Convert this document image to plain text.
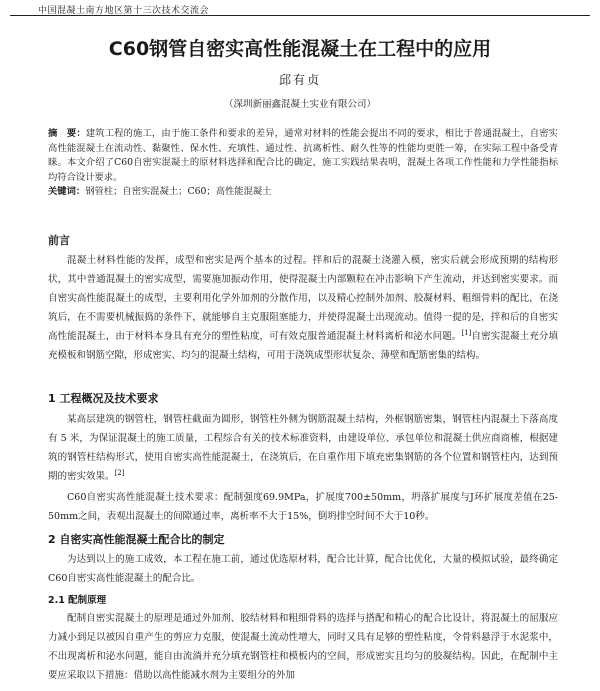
中国混凝土南方地区第十三次技术交流会
C60钢管自密实高性能混凝土在工程中的应用
邱有贞
（深圳新丽鑫混凝土实业有限公司）

摘　要：建筑工程的施工，由于施工条件和要求的差异，通常对材料的性能会提出不同的要求，相比于普通混凝土，自密实高性能混凝土在流动性、黏聚性、保水性、充填性、通过性、抗离析性、耐久性等的性能均更胜一筹，在实际工程中备受青睐。本文介绍了C60自密实混凝土的原材料选择和配合比的确定，施工实践结果表明，混凝土各项工作性能和力学性能指标均符合设计要求。

关键词：钢管柱；自密实混凝土；C60；高性能混凝土

前言

混凝土材料性能的发挥，成型和密实是两个基本的过程。拌和后的混凝土浇灌入模，密实后就会形成预期的结构形状，其中普通混凝土的密实成型，需要施加振动作用，使得混凝土内部颗粒在冲击影响下产生流动，并达到密实要求。而自密实高性能混凝土的成型，主要利用化学外加剂的分散作用，以及精心控制外加剂、胶凝材料、粗细骨料的配比，在浇筑后，在不需要机械振捣的条件下，就能够自主克服阻塞能力，并使得混凝土出现流动。值得一提的是，拌和后的自密实高性能混凝土，由于材料本身具有充分的塑性粘度，可有效克服普通混凝土材料离析和泌水问题。[1]自密实混凝土充分填充模板和钢筋空隙，形成密实、均匀的混凝土结构，可用于浇筑成型形状复杂、薄壁和配筋密集的结构。

1 工程概况及技术要求

某高层建筑的钢管柱，钢管柱截面为圆形，钢管柱外侧为钢筋混凝土结构，外框钢筋密集，钢管柱内混凝土下落高度有 5 米，为保证混凝土的施工质量，工程综合有关的技术标准资料，由建设单位、承包单位和混凝土供应商商榷，根据建筑的钢管柱结构形式，使用自密实高性能混凝土，在浇筑后，在自重作用下填充密集钢筋的各个位置和钢管柱内，达到预期的密实效果。[2]

C60自密实高性能混凝土技术要求：配制强度69.9MPa，扩展度700±50mm，坍落扩展度与J环扩展度差值在25-50mm之间，表观出混凝土的间隙通过率，离析率不大于15%，倒坍排空时间不大于10秒。

2 自密实高性能混凝土配合比的制定

为达到以上的施工成效，本工程在施工前，通过优选原材料，配合比计算，配合比优化，大量的模拟试验，最终确定C60自密实高性能混凝土的配合比。

2.1 配制原理

配制自密实混凝土的原理是通过外加剂、胶结材料和粗细骨料的选择与搭配和精心的配合比设计，将混凝土的屈服应力减小到足以被因自重产生的剪应力克服，使混凝土流动性增大，同时又具有足够的塑性粘度，令骨料悬浮于水泥浆中，不出现离析和泌水问题，能自由流淌并充分填充钢管柱和模板内的空间，形成密实且均匀的胶凝结构。因此，在配制中主要应采取以下措施：借助以高性能减水剂为主要组分的外加
